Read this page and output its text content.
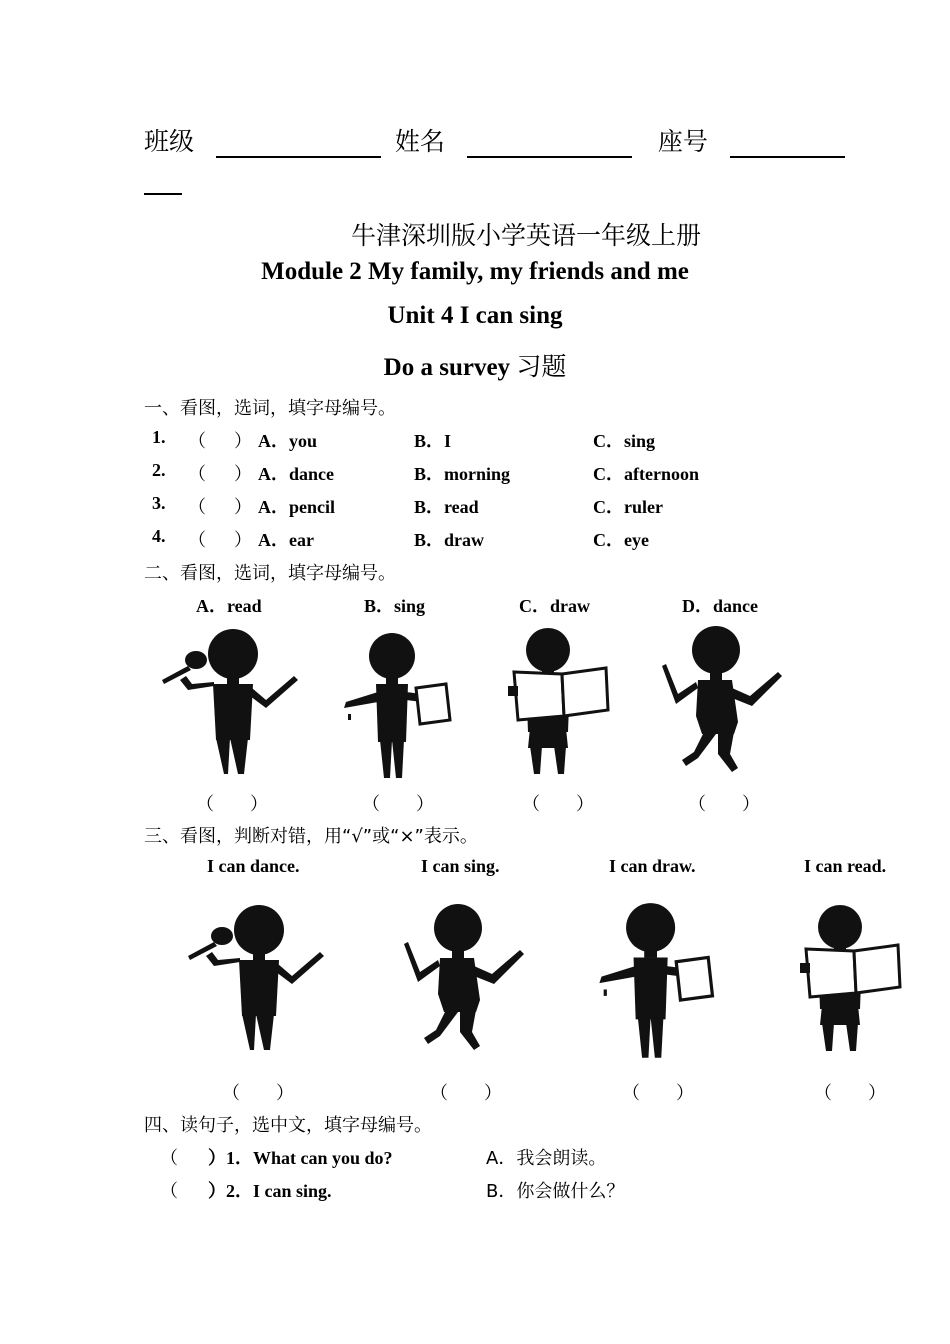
班级	姓名	座号
牛津深圳版小学英语一年级上册
Module 2 My family, my friends and me
Unit 4 I can sing
Do a survey 习题
一、看图，选词，填字母编号。
1. （ ） A．you	B．I	C．sing
2. （ ） A．dance	B．morning	C．afternoon
3. （ ） A．pencil	B．read	C．ruler
4. （ ） A．ear	B．draw	C．eye
二、看图，选词，填字母编号。
A．read	B．sing	C．draw	D．dance
（　　）	（　　）	（　　）	（　　）
三、看图，判断对错，用“√”或“×”表示。
I can dance.	I can sing.	I can draw.	I can read.
（　　）	（　　）	（　　）	（　　）
四、读句子，选中文，填字母编号。
（ ）1．What can you do?	A．我会朗读。
（ ）2．I can sing.	B．你会做什么？
